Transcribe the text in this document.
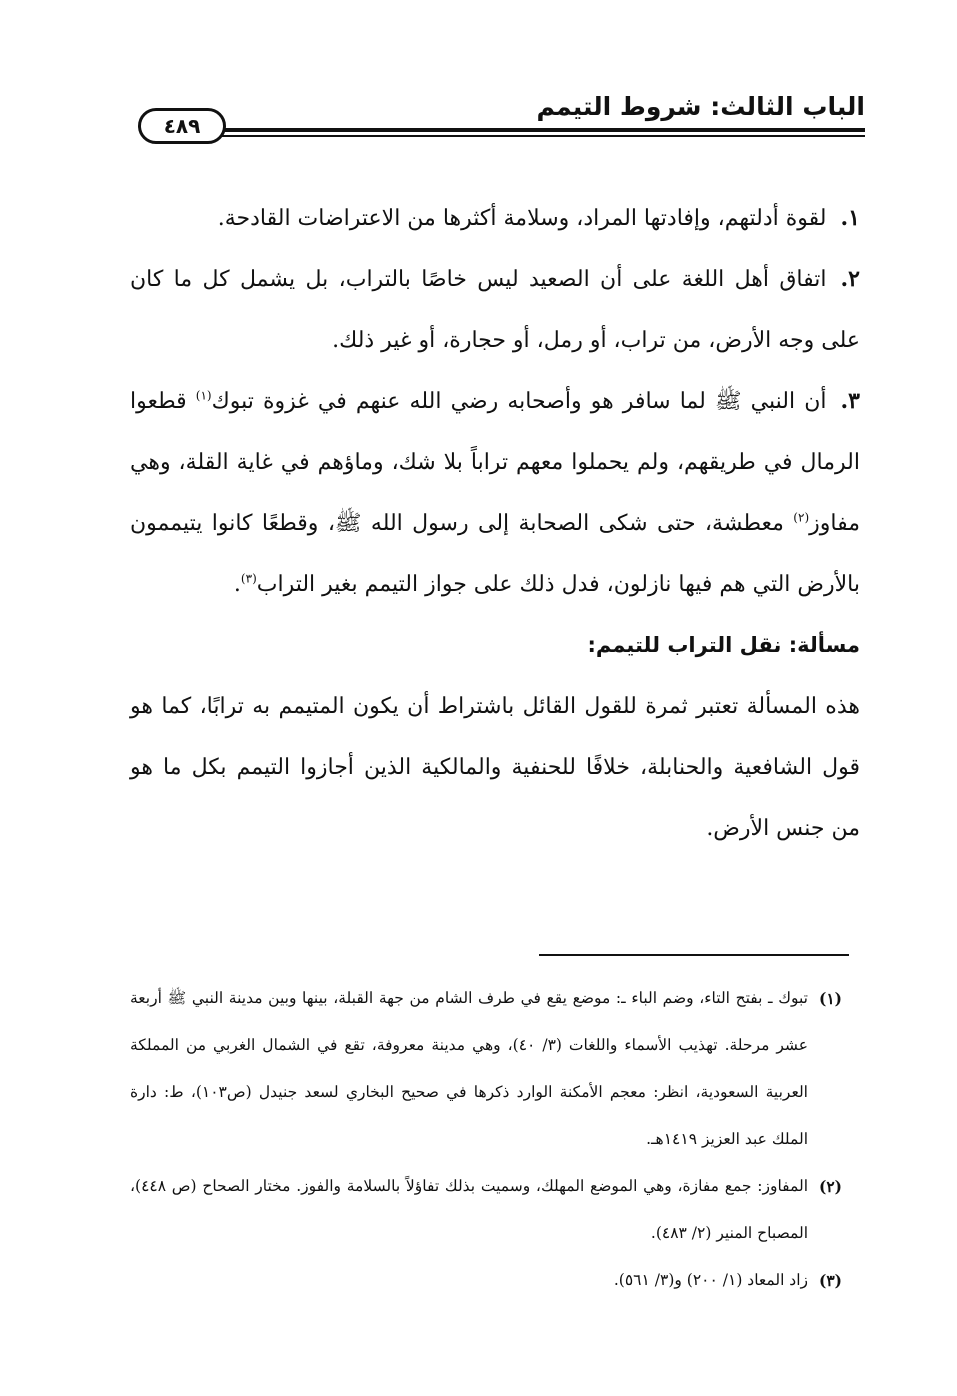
الباب الثالث: شروط التيمم
٤٨٩

١.لقوة أدلتهم، وإفادتها المراد، وسلامة أكثرها من الاعتراضات القادحة.

٢.اتفاق أهل اللغة على أن الصعيد ليس خاصًا بالتراب، بل يشمل كل ما كان على وجه الأرض، من تراب، أو رمل، أو حجارة، أو غير ذلك.

٣.أن النبي ﷺ لما سافر هو وأصحابه رضي الله عنهم في غزوة تبوك$^{(١)}$ قطعوا الرمال في طريقهم، ولم يحملوا معهم تراباً بلا شك، وماؤهم في غاية القلة، وهي مفاوز$^{(٢)}$ معطشة، حتى شكى الصحابة إلى رسول الله ﷺ، وقطعًا كانوا يتيممون بالأرض التي هم فيها نازلون، فدل ذلك على جواز التيمم بغير التراب$^{(٣)}$.

مسألة: نقل التراب للتيمم:

هذه المسألة تعتبر ثمرة للقول القائل باشتراط أن يكون المتيمم به ترابًا، كما هو قول الشافعية والحنابلة، خلافًا للحنفية والمالكية الذين أجازوا التيمم بكل ما هو من جنس الأرض.

(١)
تبوك ـ بفتح التاء، وضم الباء ـ: موضع يقع في طرف الشام من جهة القبلة، بينها وبين مدينة النبي ﷺ أربعة عشر مرحلة. تهذيب الأسماء واللغات (٣/ ٤٠)، وهي مدينة معروفة، تقع في الشمال الغربي من المملكة العربية السعودية، انظر: معجم الأمكنة الوارد ذكرها في صحيح البخاري لسعد جنيدل (ص١٠٣)، ط: دارة الملك عبد العزيز ١٤١٩هـ.

(٢)
المفاوز: جمع مفازة، وهي الموضع المهلك، وسميت بذلك تفاؤلاً بالسلامة والفوز. مختار الصحاح (ص ٤٤٨)، المصباح المنير (٢/ ٤٨٣).

(٣)
زاد المعاد (١/ ٢٠٠) و(٣/ ٥٦١).
